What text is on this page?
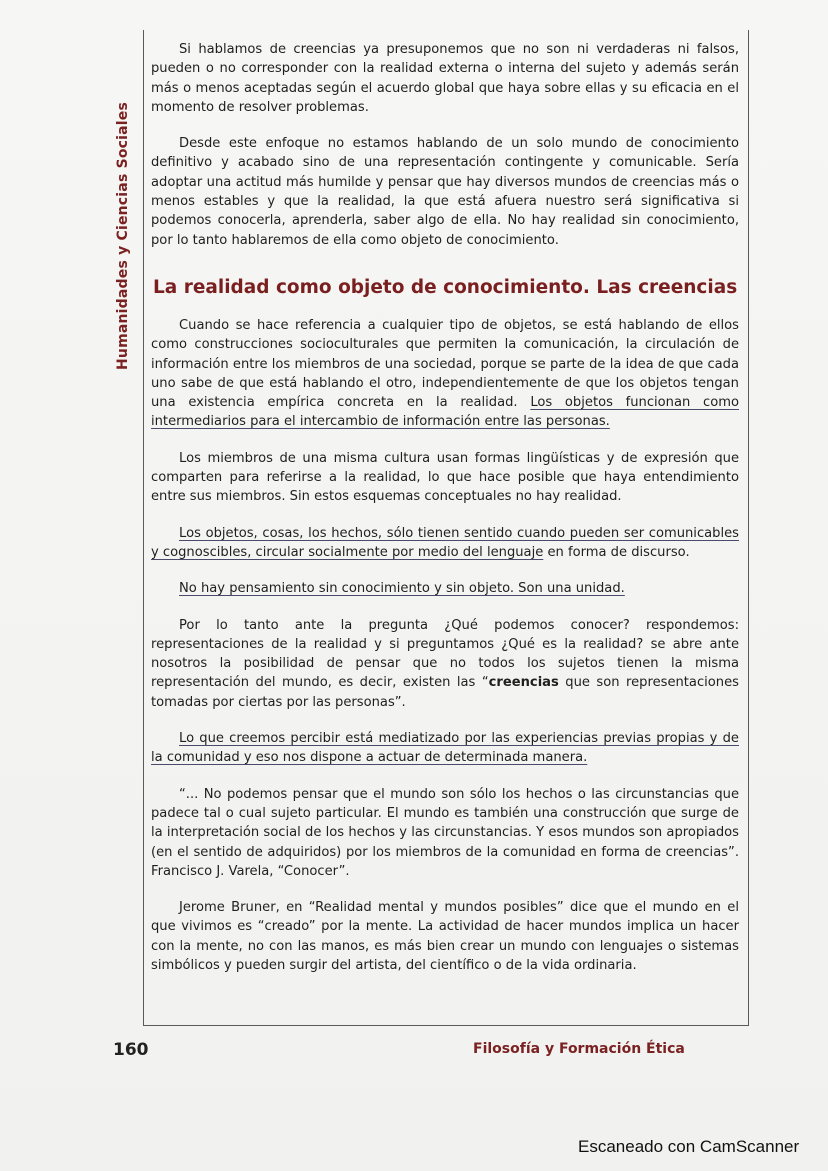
Humanidades y Ciencias Sociales

Si hablamos de creencias ya presuponemos que no son ni verdaderas ni falsos, pueden o no corresponder con la realidad externa o interna del sujeto y además serán más o menos aceptadas según el acuerdo global que haya sobre ellas y su eficacia en el momento de resolver problemas.

Desde este enfoque no estamos hablando de un solo mundo de conocimiento definitivo y acabado sino de una representación contingente y comunicable. Sería adoptar una actitud más humilde y pensar que hay diversos mundos de creencias más o menos estables y que la realidad, la que está afuera nuestro será significativa si podemos conocerla, aprenderla, saber algo de ella. No hay realidad sin conocimiento, por lo tanto hablaremos de ella como objeto de conocimiento.

La realidad como objeto de conocimiento. Las creencias

Cuando se hace referencia a cualquier tipo de objetos, se está hablando de ellos como construcciones socioculturales que permiten la comunicación, la circulación de información entre los miembros de una sociedad, porque se parte de la idea de que cada uno sabe de que está hablando el otro, independientemente de que los objetos tengan una existencia empírica concreta en la realidad. Los objetos funcionan como intermediarios para el intercambio de información entre las personas.

Los miembros de una misma cultura usan formas lingüísticas y de expresión que comparten para referirse a la realidad, lo que hace posible que haya entendimiento entre sus miembros. Sin estos esquemas conceptuales no hay realidad.

Los objetos, cosas, los hechos, sólo tienen sentido cuando pueden ser comunicables y cognoscibles, circular socialmente por medio del lenguaje en forma de discurso.

No hay pensamiento sin conocimiento y sin objeto. Son una unidad.

Por lo tanto ante la pregunta ¿Qué podemos conocer? respondemos: representaciones de la realidad y si preguntamos ¿Qué es la realidad? se abre ante nosotros la posibilidad de pensar que no todos los sujetos tienen la misma representación del mundo, es decir, existen las “creencias que son representaciones tomadas por ciertas por las personas”.

Lo que creemos percibir está mediatizado por las experiencias previas propias y de la comunidad y eso nos dispone a actuar de determinada manera.

“... No podemos pensar que el mundo son sólo los hechos o las circunstancias que padece tal o cual sujeto particular. El mundo es también una construcción que surge de la interpretación social de los hechos y las circunstancias. Y esos mundos son apropiados (en el sentido de adquiridos) por los miembros de la comunidad en forma de creencias”. Francisco J. Varela, “Conocer”.

Jerome Bruner, en “Realidad mental y mundos posibles” dice que el mundo en el que vivimos es “creado” por la mente. La actividad de hacer mundos implica un hacer con la mente, no con las manos, es más bien crear un mundo con lenguajes o sistemas simbólicos y pueden surgir del artista, del científico o de la vida ordinaria.

160	Filosofía y Formación Ética
Escaneado con CamScanner
